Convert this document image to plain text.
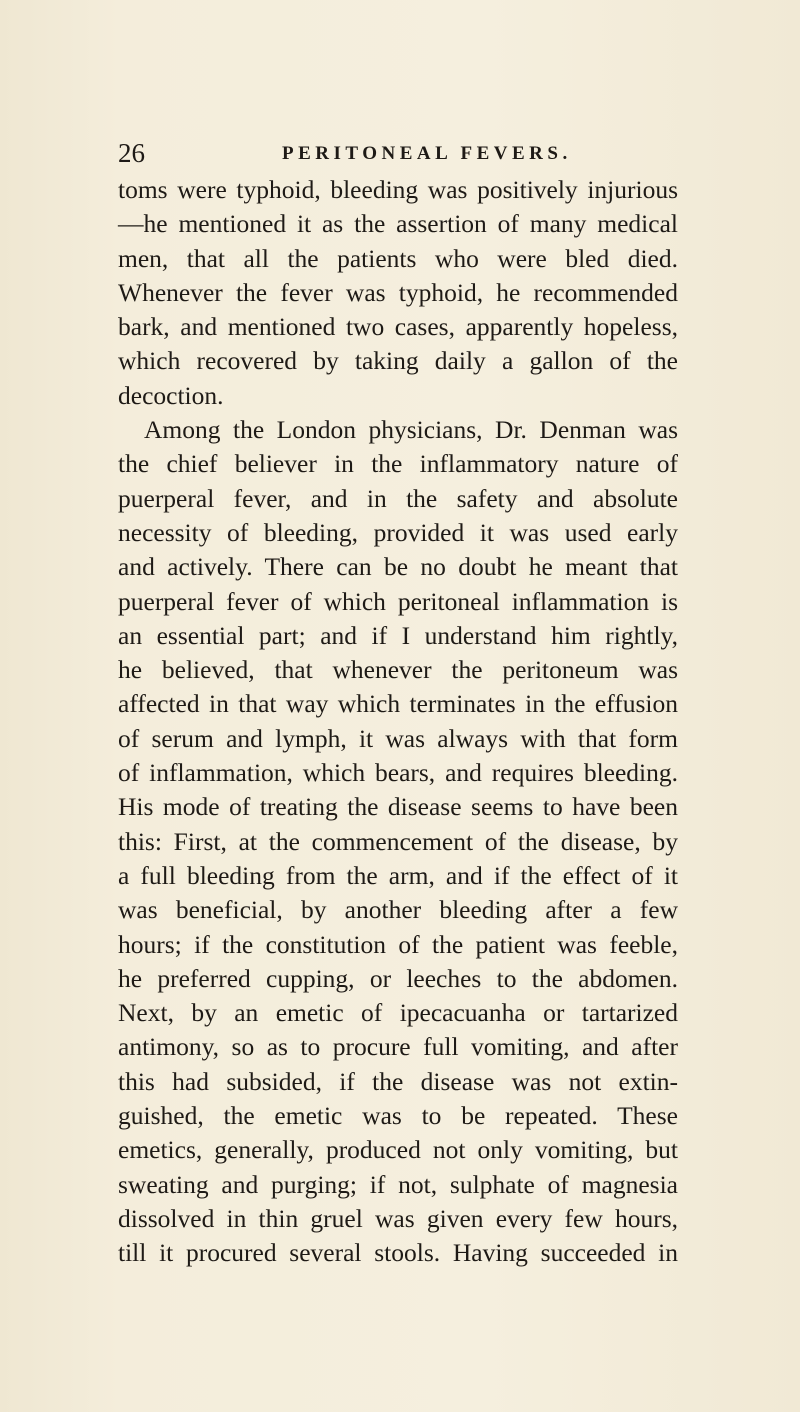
26	PERITONEAL FEVERS.
toms were typhoid, bleeding was positively injurious
—he mentioned it as the assertion of many medical
men, that all the patients who were bled died.
Whenever the fever was typhoid, he recommended
bark, and mentioned two cases, apparently hopeless,
which recovered by taking daily a gallon of the
decoction.
Among the London physicians, Dr. Denman was
the chief believer in the inflammatory nature of
puerperal fever, and in the safety and absolute
necessity of bleeding, provided it was used early
and actively. There can be no doubt he meant that
puerperal fever of which peritoneal inflammation is
an essential part; and if I understand him rightly,
he believed, that whenever the peritoneum was
affected in that way which terminates in the effusion
of serum and lymph, it was always with that form
of inflammation, which bears, and requires bleeding.
His mode of treating the disease seems to have been
this: First, at the commencement of the disease, by
a full bleeding from the arm, and if the effect of it
was beneficial, by another bleeding after a few
hours; if the constitution of the patient was feeble,
he preferred cupping, or leeches to the abdomen.
Next, by an emetic of ipecacuanha or tartarized
antimony, so as to procure full vomiting, and after
this had subsided, if the disease was not extin-
guished, the emetic was to be repeated. These
emetics, generally, produced not only vomiting, but
sweating and purging; if not, sulphate of magnesia
dissolved in thin gruel was given every few hours,
till it procured several stools. Having succeeded in
